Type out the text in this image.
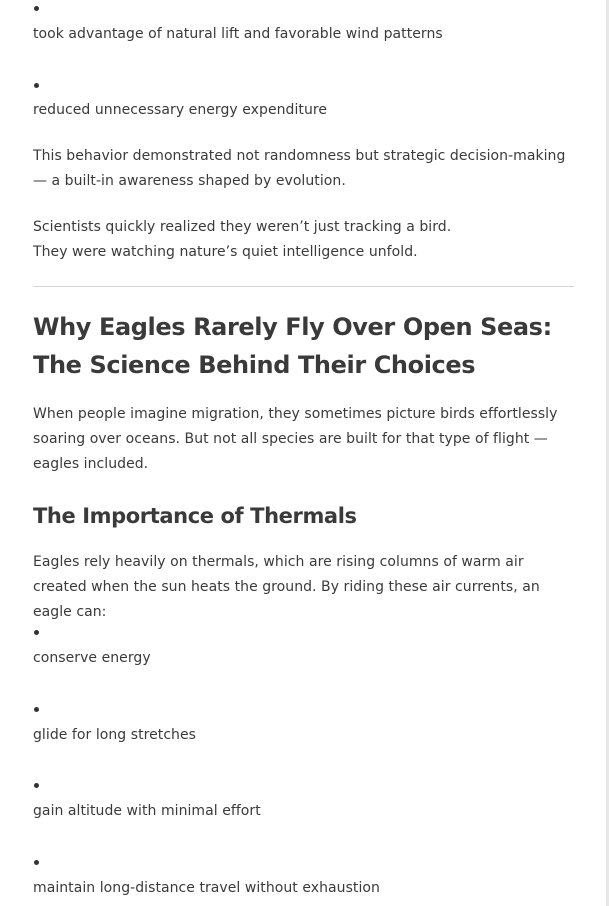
took advantage of natural lift and favorable wind patterns

reduced unnecessary energy expenditure

This behavior demonstrated not randomness but strategic decision-making — a built-in awareness shaped by evolution.

Scientists quickly realized they weren’t just tracking a bird.

They were watching nature’s quiet intelligence unfold.

Why Eagles Rarely Fly Over Open Seas: The Science Behind Their Choices

When people imagine migration, they sometimes picture birds effortlessly soaring over oceans. But not all species are built for that type of flight — eagles included.

The Importance of Thermals

Eagles rely heavily on thermals, which are rising columns of warm air created when the sun heats the ground. By riding these air currents, an eagle can:

conserve energy

glide for long stretches

gain altitude with minimal effort

maintain long-distance travel without exhaustion
